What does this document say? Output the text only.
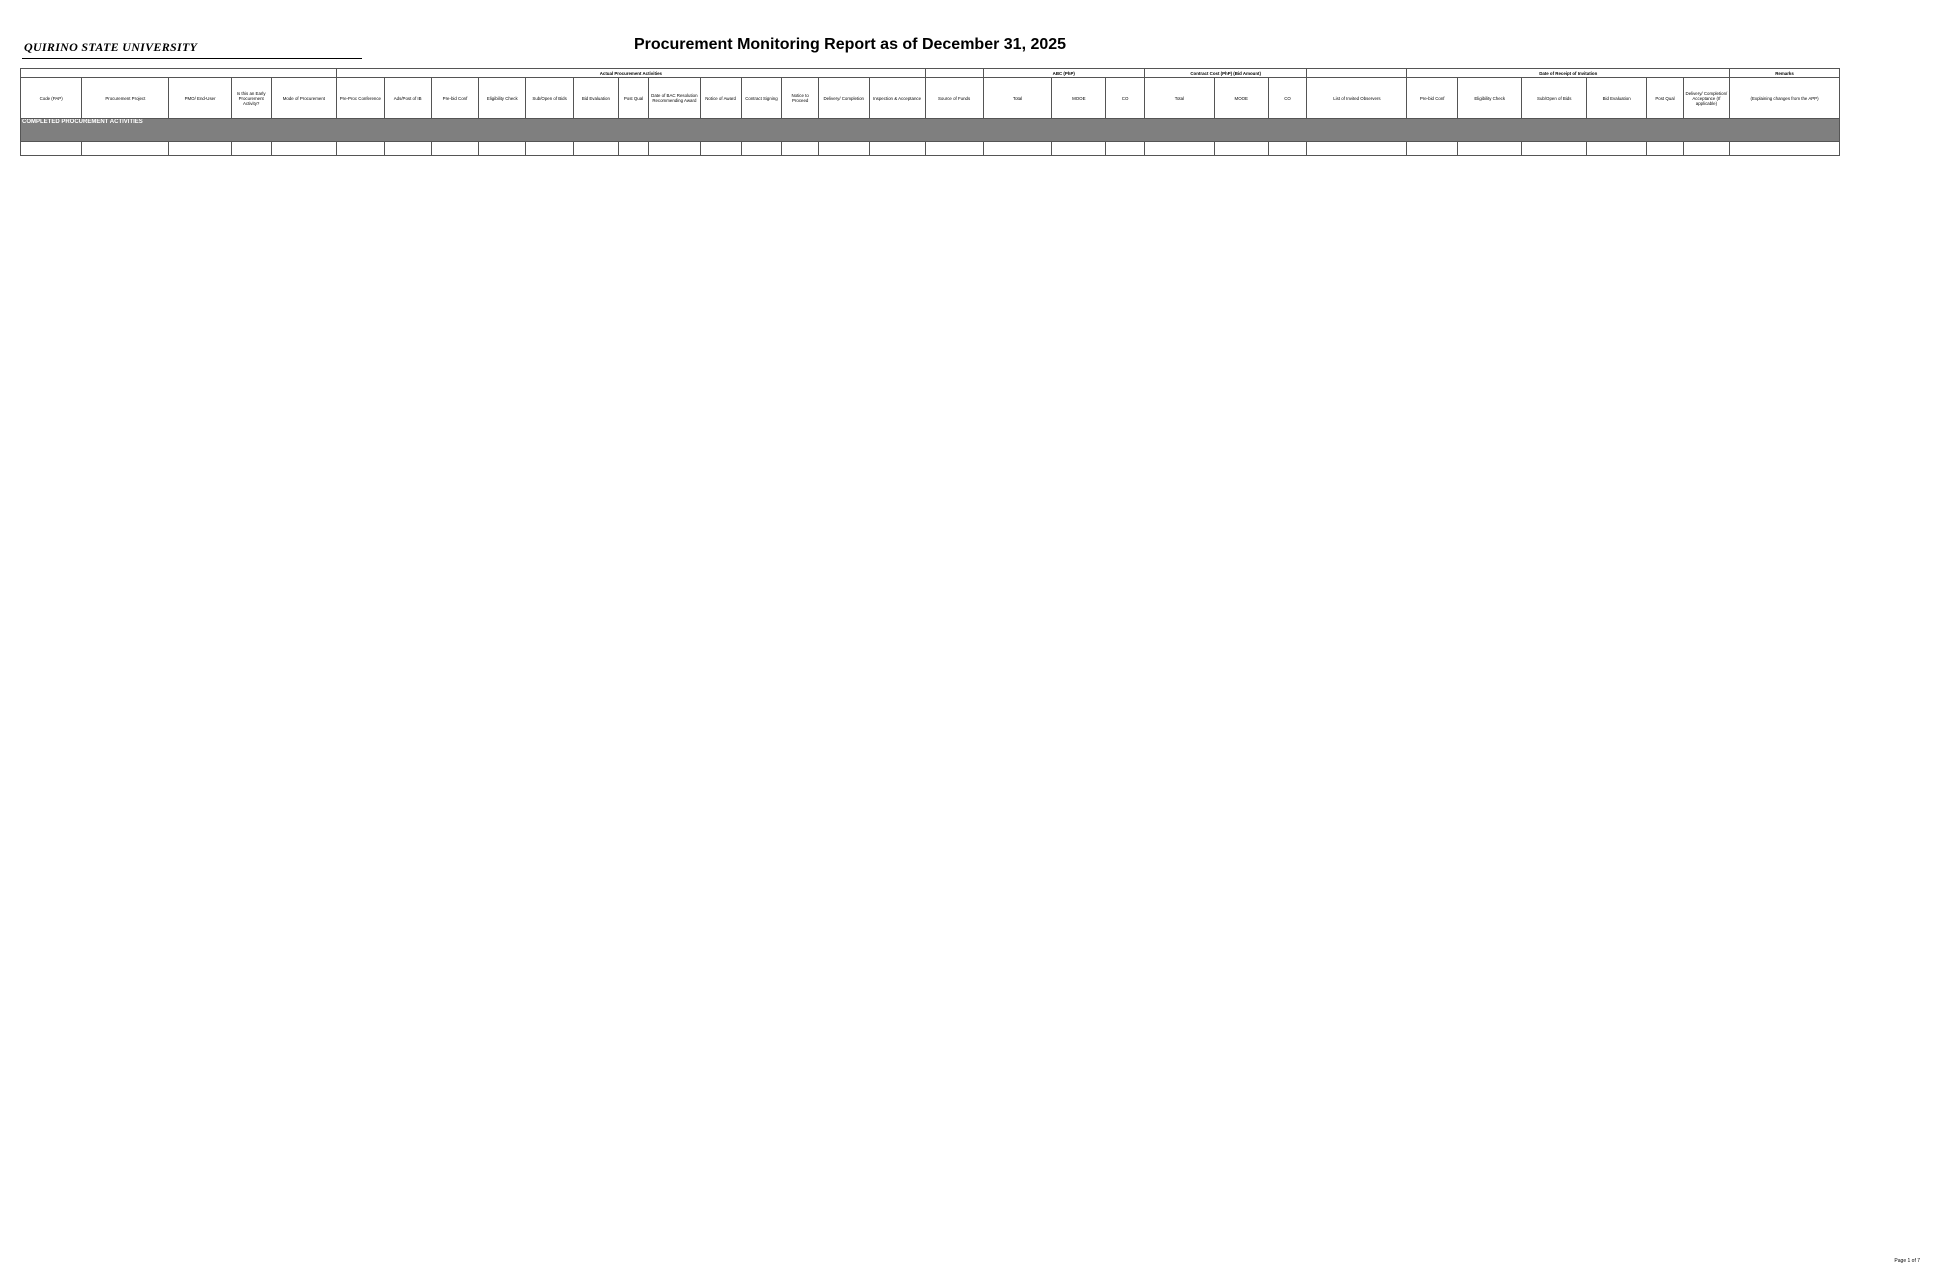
QUIRINO STATE UNIVERSITY	Procurement Monitoring Report as of December 31, 2025
					Actual Procurement Activities														ABC (PhP)			Contract Cost (PhP) (Bid Amount)				Date of Receipt of Invitation						Remarks
Code (PAP)	Procurement Project	PMO/ End-User	Is this an Early Procurement Activity?	Mode of Procurement	Pre-Proc Conference	Ads/Post of IB	Pre-bid Conf	Eligibility Check	Sub/Open of Bids	Bid Evaluation	Post Qual	Date of BAC Resolution Recommending Award	Notice of Award	Contract Signing	Notice to Proceed	Delivery/ Completion	Inspection & Acceptance	Source of Funds	Total	MOOE	CO	Total	MOOE	CO	List of Invited Observers	Pre-bid Conf	Eligibility Check	Sub/Open of Bids	Bid Evaluation	Post Qual	Delivery/ Completion/ Acceptance (If applicable)	(Explaining changes from the APP)
COMPLETED PROCUREMENT ACTIVITIES																																

Page 1 of 7
